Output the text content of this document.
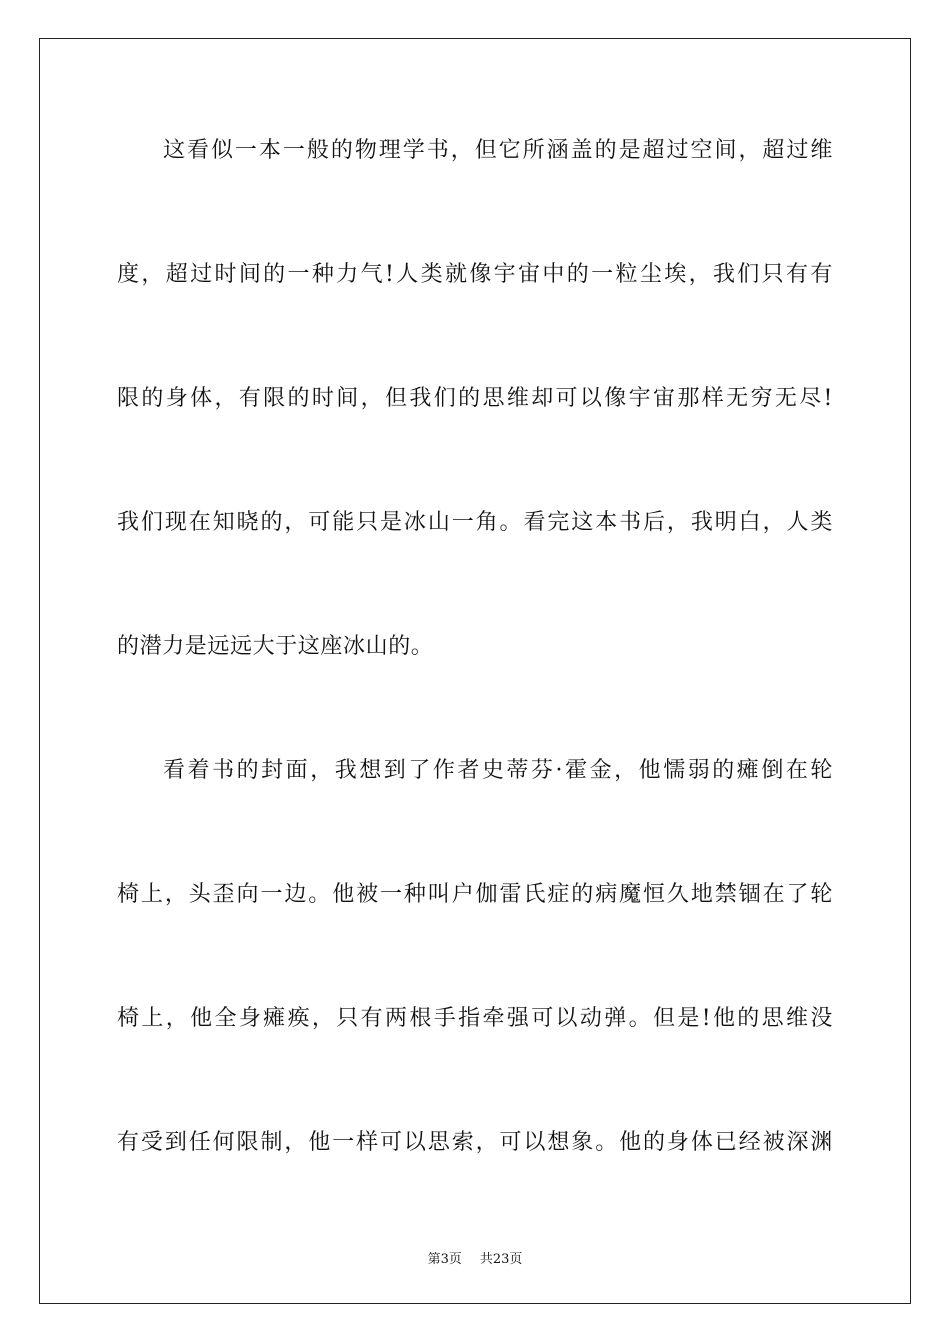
这看似一本一般的物理学书，但它所涵盖的是超过空间，超过维
度，超过时间的一种力气!人类就像宇宙中的一粒尘埃，我们只有有
限的身体，有限的时间，但我们的思维却可以像宇宙那样无穷无尽!
我们现在知晓的，可能只是冰山一角。看完这本书后，我明白，人类
的潜力是远远大于这座冰山的。
看着书的封面，我想到了作者史蒂芬·霍金，他懦弱的瘫倒在轮
椅上，头歪向一边。他被一种叫户伽雷氏症的病魔恒久地禁锢在了轮
椅上，他全身瘫痪，只有两根手指牵强可以动弹。但是!他的思维没
有受到任何限制，他一样可以思索，可以想象。他的身体已经被深渊
第3页 共23页
